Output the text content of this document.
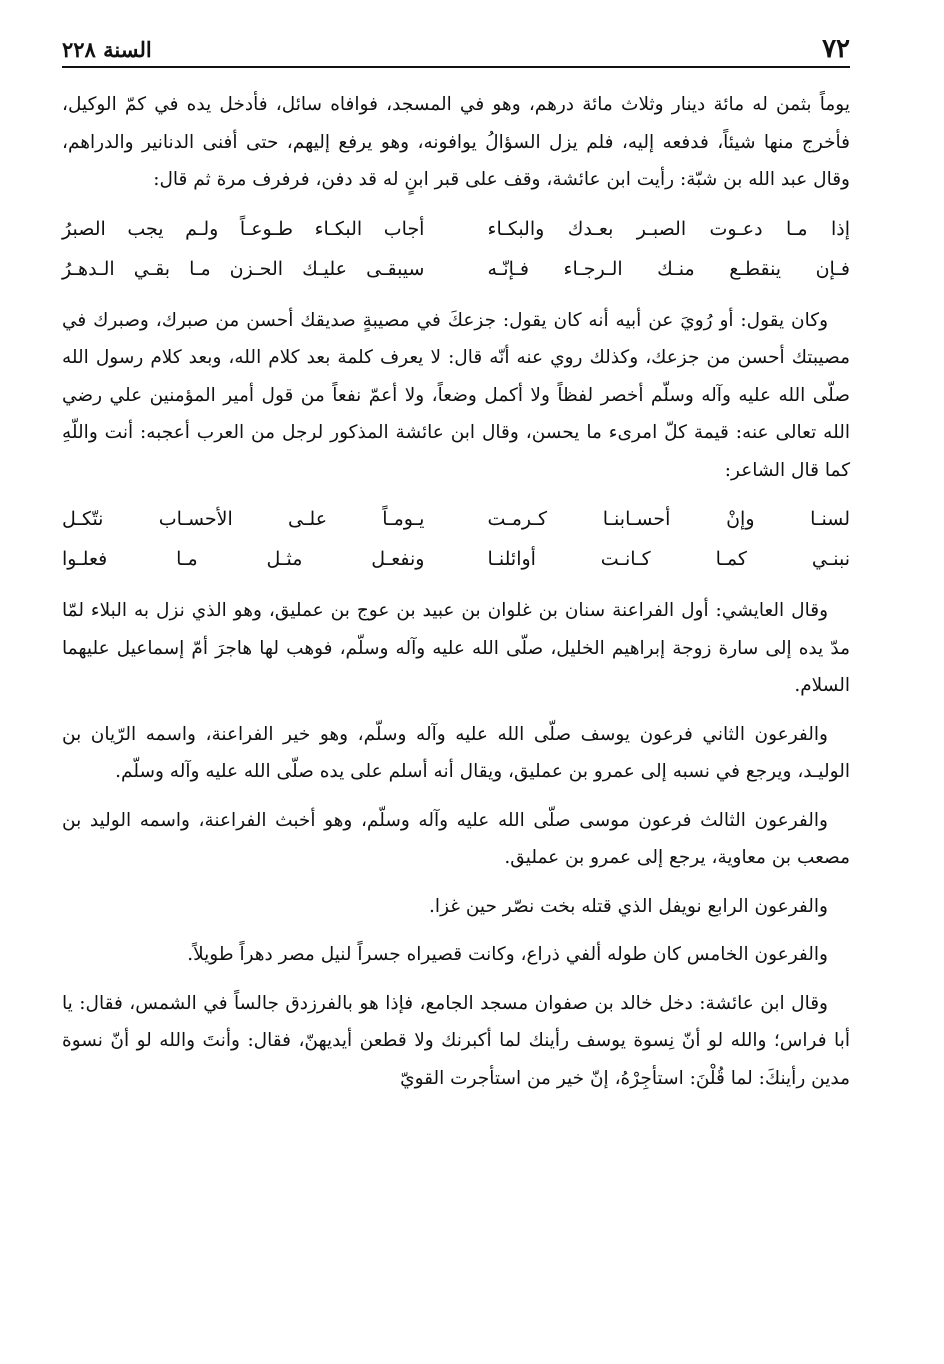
٧٢
السنة ٢٢٨

يوماً بثمن له مائة دينار وثلاث مائة درهم، وهو في المسجد، فوافاه سائل، فأدخل يده في كمّ الوكيل، فأخرج منها شيئاً، فدفعه إليه، فلم يزل السؤالُ يوافونه، وهو يرفع إليهم، حتى أفنى الدنانير والدراهم، وقال عبد الله بن شبّة: رأيت ابن عائشة، وقف على قبر ابنٍ له قد دفن، فرفرف مرة ثم قال:

إذا مـا دعـوت الصبـر بعـدك والبكـاء
أجاب البكـاء طـوعـاً ولـم يجب الصبرُ
فـإن ينقطـع منـك الـرجـاء فـإنّـه
سيبقـى عليـك الحـزن مـا بقـي الـدهـرُ

وكان يقول: أو رُويَ عن أبيه أنه كان يقول: جزعكَ في مصيبةٍ صديقك أحسن من صبرك، وصبرك في مصيبتك أحسن من جزعك، وكذلك روي عنه أنّه قال: لا يعرف كلمة بعد كلام الله، وبعد كلام رسول الله صلّى الله عليه وآله وسلّم أخصر لفظاً ولا أكمل وضعاً، ولا أعمّ نفعاً من قول أمير المؤمنين علي رضي الله تعالى عنه: قيمة كلّ امرىء ما يحسن، وقال ابن عائشة المذكور لرجل من العرب أعجبه: أنت واللّهِ كما قال الشاعر:

لسنـا وإنْ أحسـابنـا كـرمـت
يـومـاً علـى الأحسـاب نتّكـل
نبنـي كمـا كـانـت أوائلنـا
ونفعـل مثـل مـا فعلـوا

وقال العايشي: أول الفراعنة سنان بن غلوان بن عبيد بن عوج بن عمليق، وهو الذي نزل به البلاء لمّا مدّ يده إلى سارة زوجة إبراهيم الخليل، صلّى الله عليه وآله وسلّم، فوهب لها هاجرَ أمّ إسماعيل عليهما السلام.

والفرعون الثاني فرعون يوسف صلّى الله عليه وآله وسلّم، وهو خير الفراعنة، واسمه الرّيان بن الوليـد، ويرجع في نسبه إلى عمرو بن عمليق، ويقال أنه أسلم على يده صلّى الله عليه وآله وسلّم.

والفرعون الثالث فرعون موسى صلّى الله عليه وآله وسلّم، وهو أخبث الفراعنة، واسمه الوليد بن مصعب بن معاوية، يرجع إلى عمرو بن عمليق.

والفرعون الرابع نويفل الذي قتله بخت نصّر حين غزا.

والفرعون الخامس كان طوله ألفي ذراع، وكانت قصيراه جسراً لنيل مصر دهراً طويلاً.

وقال ابن عائشة: دخل خالد بن صفوان مسجد الجامع، فإذا هو بالفرزدق جالساً في الشمس، فقال: يا أبا فراس؛ والله لو أنّ نِسوة يوسف رأينك لما أكبرنك ولا قطعن أيديهنّ، فقال: وأنتَ والله لو أنّ نسوة مدين رأينكَ: لما قُلْنَ: استأجِرْهُ، إنّ خير من استأجرت القويّ
